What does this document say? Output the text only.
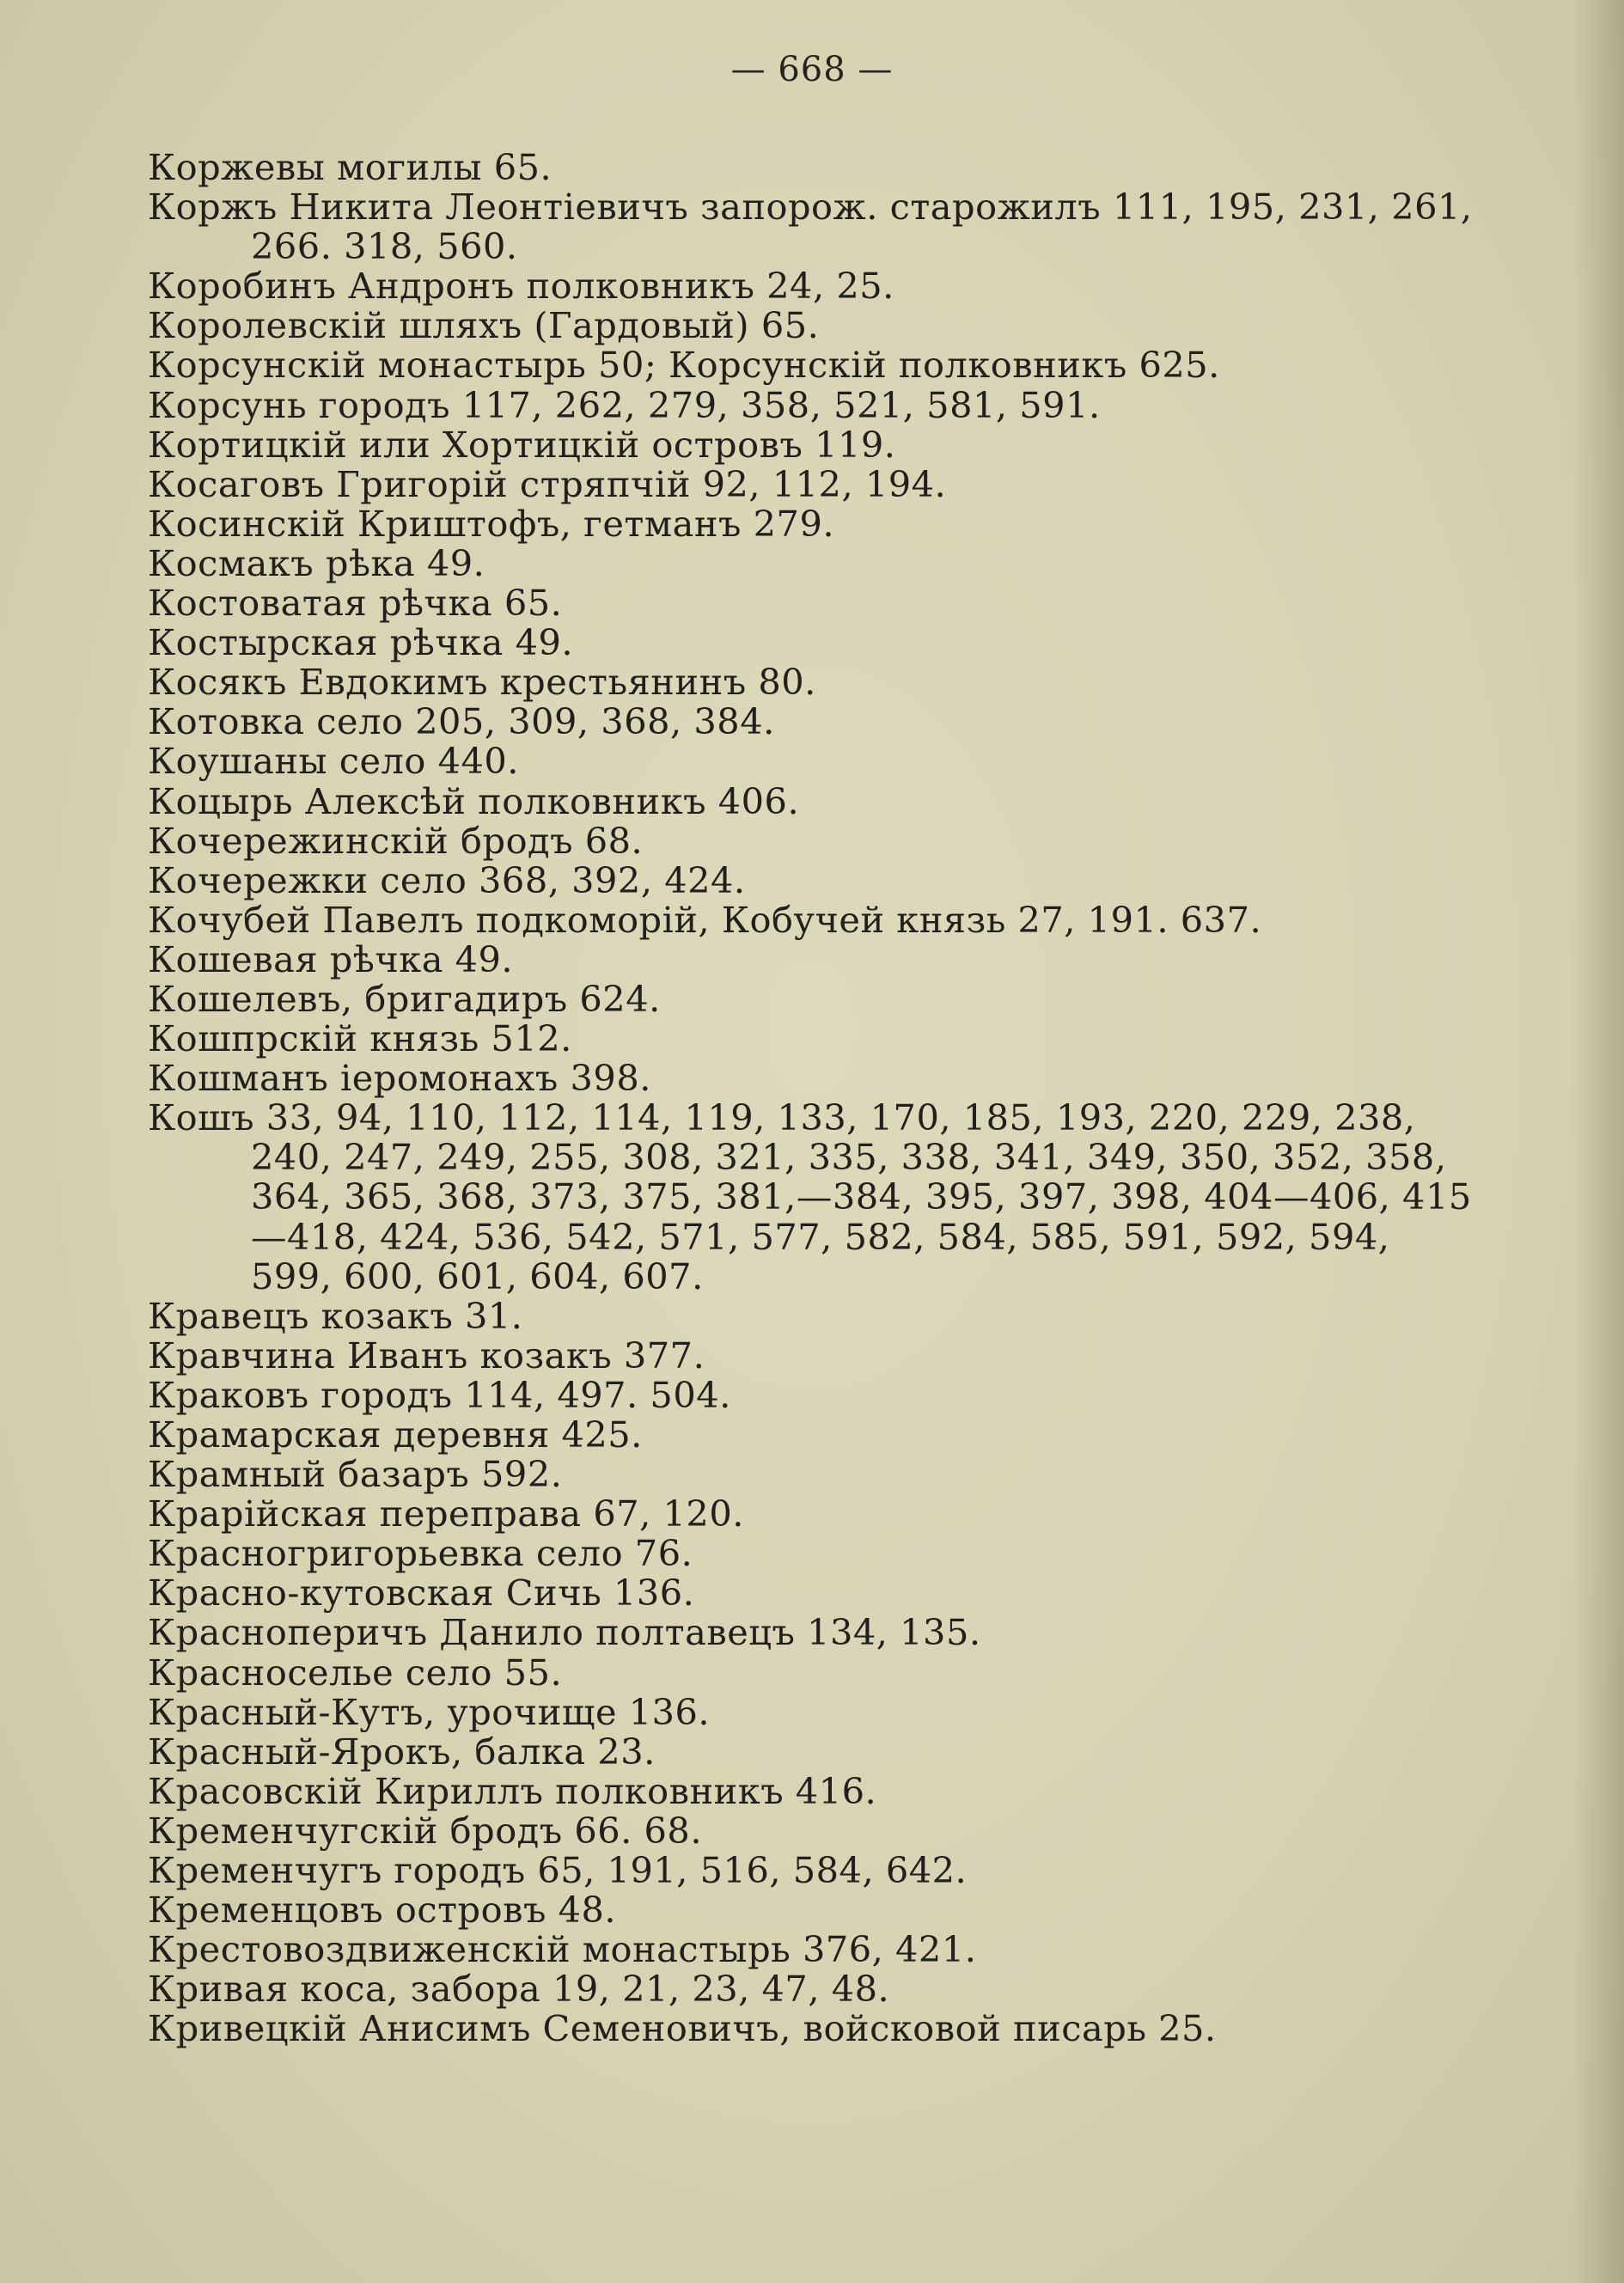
— 668 —
Коржевы могилы 65.
Коржъ Никита Леонтіевичъ запорож. старожилъ 111, 195, 231, 261, 266. 318, 560.
Коробинъ Андронъ полковникъ 24, 25.
Королевскій шляхъ (Гардовый) 65.
Корсунскій монастырь 50; Корсунскій полковникъ 625.
Корсунь городъ 117, 262, 279, 358, 521, 581, 591.
Кортицкій или Хортицкій островъ 119.
Косаговъ Григорій стряпчій 92, 112, 194.
Косинскій Криштофъ, гетманъ 279.
Космакъ рѣка 49.
Костоватая рѣчка 65.
Костырская рѣчка 49.
Косякъ Евдокимъ крестьянинъ 80.
Котовка село 205, 309, 368, 384.
Коушаны село 440.
Коцырь Алексѣй полковникъ 406.
Кочережинскій бродъ 68.
Кочережки село 368, 392, 424.
Кочубей Павелъ подкоморій, Кобучей князь 27, 191. 637.
Кошевая рѣчка 49.
Кошелевъ, бригадиръ 624.
Кошпрскій князь 512.
Кошманъ іеромонахъ 398.
Кошъ 33, 94, 110, 112, 114, 119, 133, 170, 185, 193, 220, 229, 238, 240, 247, 249, 255, 308, 321, 335, 338, 341, 349, 350, 352, 358, 364, 365, 368, 373, 375, 381,—384, 395, 397, 398, 404—406, 415—418, 424, 536, 542, 571, 577, 582, 584, 585, 591, 592, 594, 599, 600, 601, 604, 607.
Кравецъ козакъ 31.
Кравчина Иванъ козакъ 377.
Краковъ городъ 114, 497. 504.
Крамарская деревня 425.
Крамный базаръ 592.
Крарійская переправа 67, 120.
Красногригорьевка село 76.
Красно-кутовская Сичь 136.
Красноперичъ Данило полтавецъ 134, 135.
Красноселье село 55.
Красный-Кутъ, урочище 136.
Красный-Ярокъ, балка 23.
Красовскій Кириллъ полковникъ 416.
Кременчугскій бродъ 66. 68.
Кременчугъ городъ 65, 191, 516, 584, 642.
Кременцовъ островъ 48.
Крестовоздвиженскій монастырь 376, 421.
Кривая коса, забора 19, 21, 23, 47, 48.
Кривецкій Анисимъ Семеновичъ, войсковой писарь 25.
